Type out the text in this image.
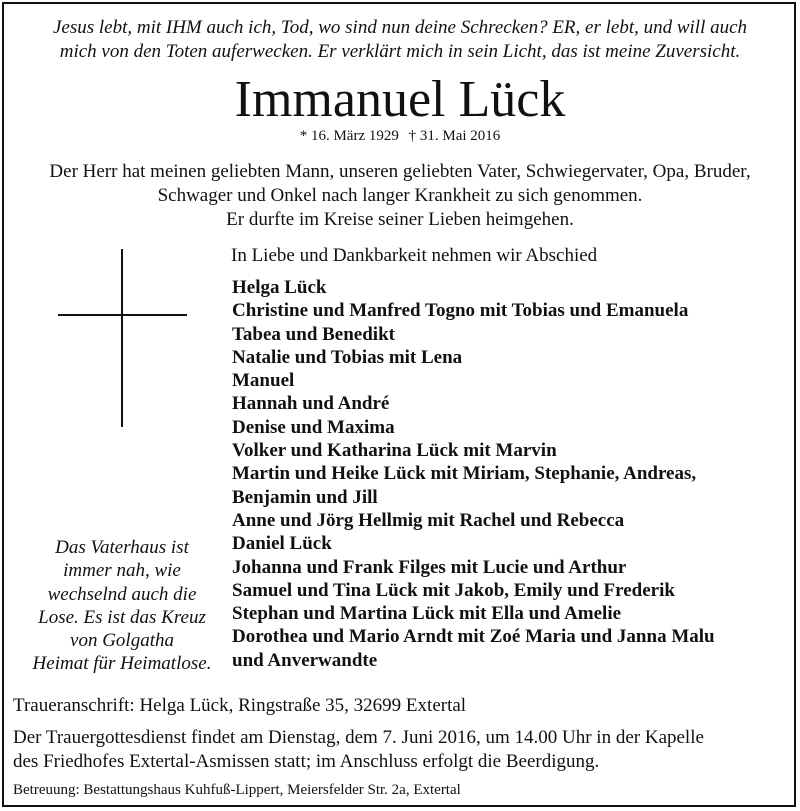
Jesus lebt, mit IHM auch ich, Tod, wo sind nun deine Schrecken? ER, er lebt, und will auch
mich von den Toten auferwecken. Er verklärt mich in sein Licht, das ist meine Zuversicht.
Immanuel Lück
* 16. März 1929 † 31. Mai 2016
Der Herr hat meinen geliebten Mann, unseren geliebten Vater, Schwiegervater, Opa, Bruder,
Schwager und Onkel nach langer Krankheit zu sich genommen.
Er durfte im Kreise seiner Lieben heimgehen.
In Liebe und Dankbarkeit nehmen wir Abschied
Das Vaterhaus ist
immer nah, wie
wechselnd auch die
Lose. Es ist das Kreuz
von Golgatha
Heimat für Heimatlose.
Helga Lück
Christine und Manfred Togno mit Tobias und Emanuela
Tabea und Benedikt
Natalie und Tobias mit Lena
Manuel
Hannah und André
Denise und Maxima
Volker und Katharina Lück mit Marvin
Martin und Heike Lück mit Miriam, Stephanie, Andreas,
Benjamin und Jill
Anne und Jörg Hellmig mit Rachel und Rebecca
Daniel Lück
Johanna und Frank Filges mit Lucie und Arthur
Samuel und Tina Lück mit Jakob, Emily und Frederik
Stephan und Martina Lück mit Ella und Amelie
Dorothea und Mario Arndt mit Zoé Maria und Janna Malu
und Anverwandte
Traueranschrift: Helga Lück, Ringstraße 35, 32699 Extertal
Der Trauergottesdienst findet am Dienstag, dem 7. Juni 2016, um 14.00 Uhr in der Kapelle
des Friedhofes Extertal-Asmissen statt; im Anschluss erfolgt die Beerdigung.
Betreuung: Bestattungshaus Kuhfuß-Lippert, Meiersfelder Str. 2a, Extertal
